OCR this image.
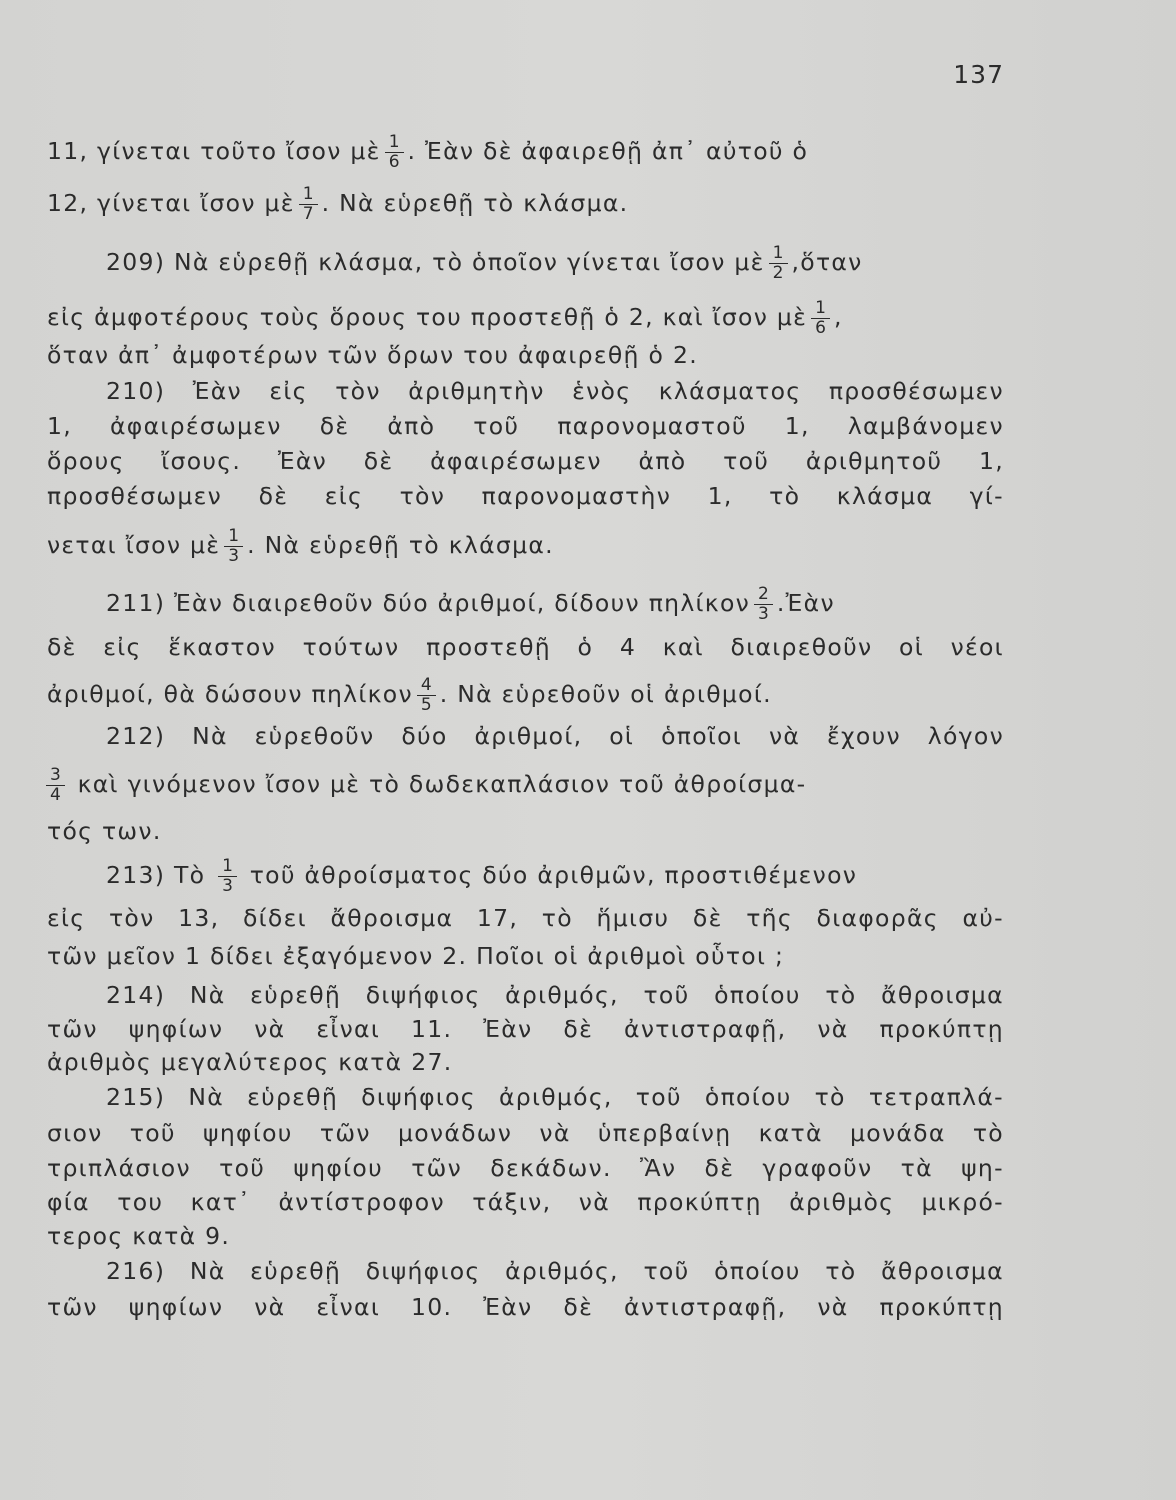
137
11, γίνεται τοῦτο ἴσον μὲ $\frac{1}{6}$ . Ἐὰν δὲ ἀφαιρεθῇ ἀπ᾽ αὐτοῦ ὁ
12, γίνεται ἴσον μὲ $\frac{1}{7}$ . Νὰ εὑρεθῇ τὸ κλάσμα.
209) Νὰ εὑρεθῇ κλάσμα, τὸ ὁποῖον γίνεται ἴσον μὲ $\frac{1}{2}$ ,ὅταν
εἰς ἀμφοτέρους τοὺς ὅρους του προστεθῇ ὁ 2, καὶ ἴσον μὲ $\frac{1}{6}$ ,
ὅταν ἀπ᾽ ἀμφοτέρων τῶν ὅρων του ἀφαιρεθῇ ὁ 2.
210) Ἐὰν εἰς τὸν ἀριθμητὴν ἑνὸς κλάσματος προσθέσωμεν
1, ἀφαιρέσωμεν δὲ ἀπὸ τοῦ παρονομαστοῦ 1, λαμβάνομεν
ὅρους ἴσους. Ἐὰν δὲ ἀφαιρέσωμεν ἀπὸ τοῦ ἀριθμητοῦ 1,
προσθέσωμεν δὲ εἰς τὸν παρονομαστὴν 1, τὸ κλάσμα γί-
νεται ἴσον μὲ $\frac{1}{3}$ . Νὰ εὑρεθῇ τὸ κλάσμα.
211) Ἐὰν διαιρεθοῦν δύο ἀριθμοί, δίδουν πηλίκον $\frac{2}{3}$ .Ἐὰν
δὲ εἰς ἕκαστον τούτων προστεθῇ ὁ 4 καὶ διαιρεθοῦν οἱ νέοι
ἀριθμοί, θὰ δώσουν πηλίκον $\frac{4}{5}$ . Νὰ εὑρεθοῦν οἱ ἀριθμοί.
212) Νὰ εὑρεθοῦν δύο ἀριθμοί, οἱ ὁποῖοι νὰ ἔχουν λόγον
$\frac{3}{4}$ καὶ γινόμενον ἴσον μὲ τὸ δωδεκαπλάσιον τοῦ ἀθροίσμα-
τός των.
213) Τὸ $\frac{1}{3}$ τοῦ ἀθροίσματος δύο ἀριθμῶν, προστιθέμενον
εἰς τὸν 13, δίδει ἄθροισμα 17, τὸ ἥμισυ δὲ τῆς διαφορᾶς αὐ-
τῶν μεῖον 1 δίδει ἐξαγόμενον 2. Ποῖοι οἱ ἀριθμοὶ οὗτοι ;
214) Νὰ εὑρεθῇ διψήφιος ἀριθμός, τοῦ ὁποίου τὸ ἄθροισμα
τῶν ψηφίων νὰ εἶναι 11. Ἐὰν δὲ ἀντιστραφῇ, νὰ προκύπτῃ
ἀριθμὸς μεγαλύτερος κατὰ 27.
215) Νὰ εὑρεθῇ διψήφιος ἀριθμός, τοῦ ὁποίου τὸ τετραπλά-
σιον τοῦ ψηφίου τῶν μονάδων νὰ ὑπερβαίνῃ κατὰ μονάδα τὸ
τριπλάσιον τοῦ ψηφίου τῶν δεκάδων. Ἂν δὲ γραφοῦν τὰ ψη-
φία του κατ᾽ ἀντίστροφον τάξιν, νὰ προκύπτῃ ἀριθμὸς μικρό-
τερος κατὰ 9.
216) Νὰ εὑρεθῇ διψήφιος ἀριθμός, τοῦ ὁποίου τὸ ἄθροισμα
τῶν ψηφίων νὰ εἶναι 10. Ἐὰν δὲ ἀντιστραφῇ, νὰ προκύπτῃ
